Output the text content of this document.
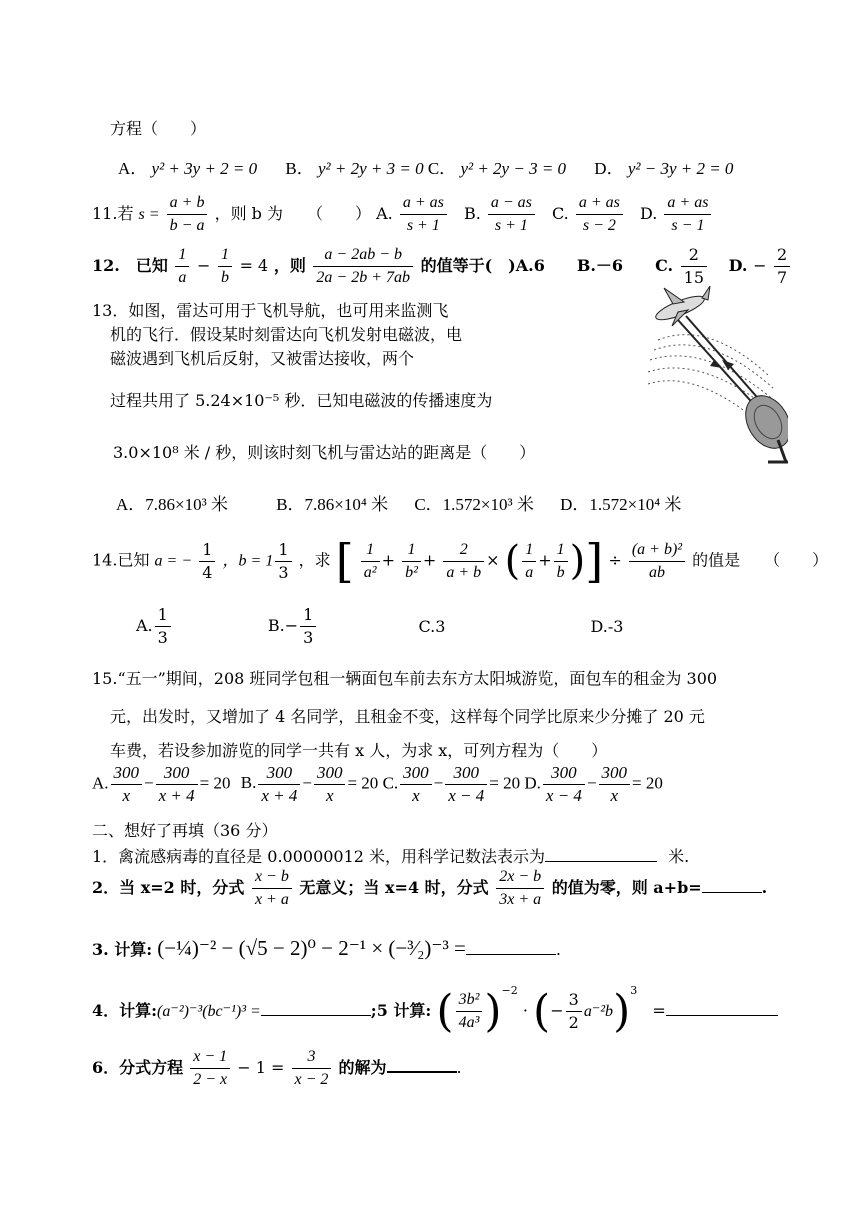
方程（　　）
A． y² + 3y + 2 = 0 B． y² + 2y + 3 = 0 C． y² + 2y − 3 = 0 D． y² − 3y + 2 = 0
11.若 $s = \frac{a + b}{b - a}$ ，则 b 为　　（　　） A. $\frac{a + as}{s + 1} B$. $\frac{a - as}{s + 1} C$. $\frac{a + as}{s - 2} D$. $\frac{a + as}{s - 1}$
12.　已知 $\frac{1}{a} - \frac{1}{b} = 4$ ，则 $\frac{a - 2ab - b}{2a - 2b + 7ab}$ 的值等于(　)A.6　　B.－6　　C. $\frac{2}{15} D$. − $\frac{2}{7}$
13．如图，雷达可用于飞机导航，也可用来监测飞
机的飞行．假设某时刻雷达向飞机发射电磁波，电
磁波遇到飞机后反射，又被雷达接收，两个
过程共用了 5.24×10⁻⁵ 秒．已知电磁波的传播速度为
3.0×10⁸ 米 / 秒，则该时刻飞机与雷达站的距离是（　　）
A．7.86×10³ 米	B．7.86×10⁴ 米 C．1.572×10³ 米 D．1.572×10⁴ 米
14.已知 a = − $\frac{1}{4}$ ，$b = 1 \frac{1}{3}$ ，求 [ $\frac{1}{\text{a²}} + \frac{1}{\text{b²}} + \frac{2}{a + b}$ × ( $\frac{1}{a} + \frac{1}{b}$ )] ÷ $\frac{\text{(a + b)²}}{ab}$ 的值是　　（　　）
A. $\frac{1}{3}$	$B.- \frac{1}{3}$	C.3	D.-3
15.“五一”期间，208 班同学包租一辆面包车前去东方太阳城游览，面包车的租金为 300
元，出发时，又增加了 4 名同学，且租金不变，这样每个同学比原来少分摊了 20 元
车费，若设参加游览的同学一共有 x 人，为求 x，可列方程为（　　）
A. $\frac{300}{x} - \frac{300}{x + 4} = 20$ B. $\frac{300}{x + 4} - \frac{300}{x} = 20$ C. $\frac{300}{x} - \frac{300}{x - 4} = 20$ D. $\frac{300}{x - 4} - \frac{300}{x} = 20$
二、想好了再填（36 分）
1．禽流感病毒的直径是 0.00000012 米，用科学记数法表示为	米.
2．当 x=2 时，分式 $\frac{x - b}{x + a}$ 无意义；当 x=4 时，分式 $\frac{2x - b}{3x + a}$ 的值为零，则 a+b=	.
3. 计算: (−¼)⁻² − (√5 − 2)⁰ − 2⁻¹ × (−³⁄₂)⁻³ =	.
4．计算:(a⁻²)⁻³(bc⁻¹)³ =	;5 计算: ( $\frac{\text{3b²}}{\text{4a³}} )^{-2}$ · (− $\frac{3}{2} a^{-2}b)^3$ =
6．分式方程 $\frac{x - 1}{2 - x} - 1 = \frac{3}{x - 2}$ 的解为	.
